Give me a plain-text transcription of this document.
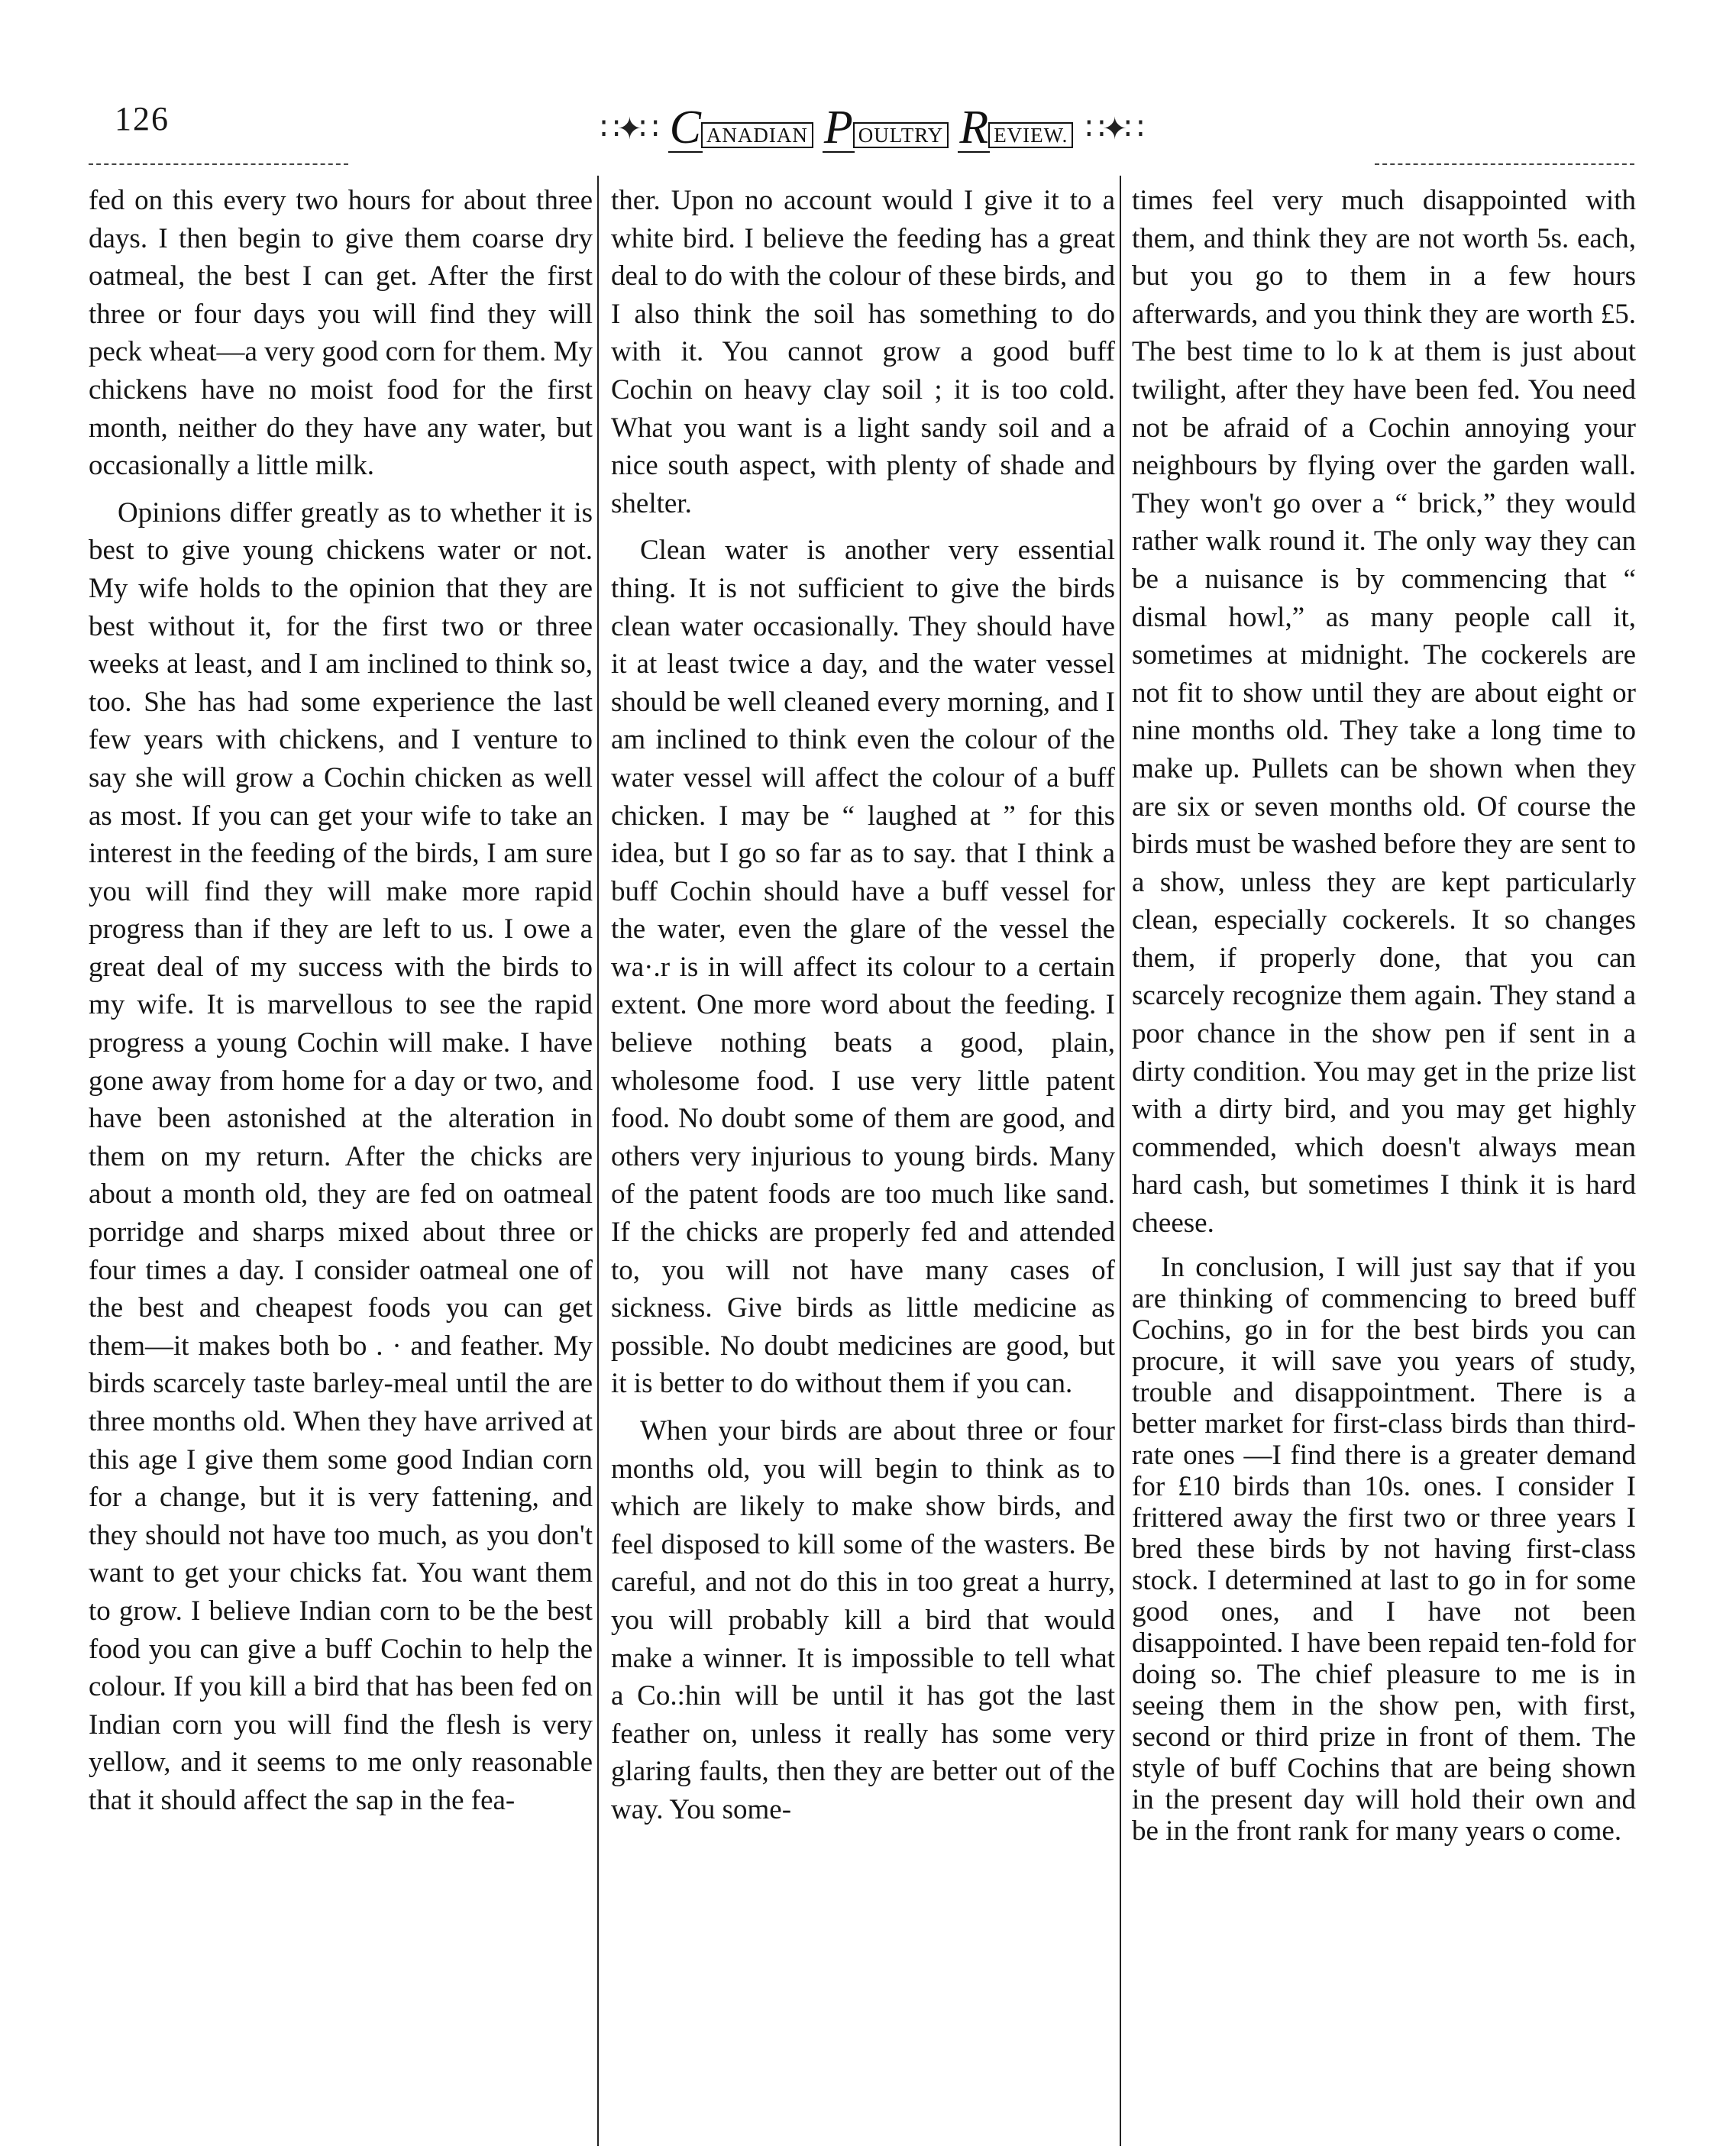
126	∷✦∷ C ANADIAN P OULTRY R EVIEW. ∷✦∷

fed on this every two hours for about three days. I then begin to give them coarse dry oatmeal, the best I can get. After the first three or four days you will find they will peck wheat—a very good corn for them. My chickens have no moist food for the first month, neither do they have any water, but occasionally a little milk.

Opinions differ greatly as to whether it is best to give young chickens water or not. My wife holds to the opinion that they are best without it, for the first two or three weeks at least, and I am inclined to think so, too. She has had some experience the last few years with chickens, and I venture to say she will grow a Cochin chicken as well as most. If you can get your wife to take an interest in the feeding of the birds, I am sure you will find they will make more rapid progress than if they are left to us. I owe a great deal of my success with the birds to my wife. It is marvellous to see the rapid progress a young Cochin will make. I have gone away from home for a day or two, and have been astonished at the alteration in them on my return. After the chicks are about a month old, they are fed on oatmeal porridge and sharps mixed about three or four times a day. I consider oatmeal one of the best and cheapest foods you can get them—it makes both bo . · and feather. My birds scarcely taste barley-meal until the are three months old. When they have arrived at this age I give them some good Indian corn for a change, but it is very fattening, and they should not have too much, as you don't want to get your chicks fat. You want them to grow. I believe Indian corn to be the best food you can give a buff Cochin to help the colour. If you kill a bird that has been fed on Indian corn you will find the flesh is very yellow, and it seems to me only reasonable that it should affect the sap in the fea-

ther. Upon no account would I give it to a white bird. I believe the feeding has a great deal to do with the colour of these birds, and I also think the soil has something to do with it. You cannot grow a good buff Cochin on heavy clay soil ; it is too cold. What you want is a light sandy soil and a nice south aspect, with plenty of shade and shelter.

Clean water is another very essential thing. It is not sufficient to give the birds clean water occasionally. They should have it at least twice a day, and the water vessel should be well cleaned every morning, and I am inclined to think even the colour of the water vessel will affect the colour of a buff chicken. I may be “ laughed at ” for this idea, but I go so far as to say. that I think a buff Cochin should have a buff vessel for the water, even the glare of the vessel the wa·.r is in will affect its colour to a certain extent. One more word about the feeding. I believe nothing beats a good, plain, wholesome food. I use very little patent food. No doubt some of them are good, and others very injurious to young birds. Many of the patent foods are too much like sand. If the chicks are properly fed and attended to, you will not have many cases of sickness. Give birds as little medicine as possible. No doubt medicines are good, but it is better to do without them if you can.

When your birds are about three or four months old, you will begin to think as to which are likely to make show birds, and feel disposed to kill some of the wasters. Be careful, and not do this in too great a hurry, you will probably kill a bird that would make a winner. It is impossible to tell what a Co.:hin will be until it has got the last feather on, unless it really has some very glaring faults, then they are better out of the way. You some-

times feel very much disappointed with them, and think they are not worth 5s. each, but you go to them in a few hours afterwards, and you think they are worth £5. The best time to lo k at them is just about twilight, after they have been fed. You need not be afraid of a Cochin annoying your neighbours by flying over the garden wall. They won't go over a “ brick,” they would rather walk round it. The only way they can be a nuisance is by commencing that “ dismal howl,” as many people call it, sometimes at midnight. The cockerels are not fit to show until they are about eight or nine months old. They take a long time to make up. Pullets can be shown when they are six or seven months old. Of course the birds must be washed before they are sent to a show, unless they are kept particularly clean, especially cockerels. It so changes them, if properly done, that you can scarcely recognize them again. They stand a poor chance in the show pen if sent in a dirty condition. You may get in the prize list with a dirty bird, and you may get highly commended, which doesn't always mean hard cash, but sometimes I think it is hard cheese.

In conclusion, I will just say that if you are thinking of commencing to breed buff Cochins, go in for the best birds you can procure, it will save you years of study, trouble and disappointment. There is a better market for first-class birds than third-rate ones —I find there is a greater demand for £10 birds than 10s. ones. I consider I frittered away the first two or three years I bred these birds by not having first-class stock. I determined at last to go in for some good ones, and I have not been disappointed. I have been repaid ten-fold for doing so. The chief pleasure to me is in seeing them in the show pen, with first, second or third prize in front of them. The style of buff Cochins that are being shown in the present day will hold their own and be in the front rank for many years o come.
